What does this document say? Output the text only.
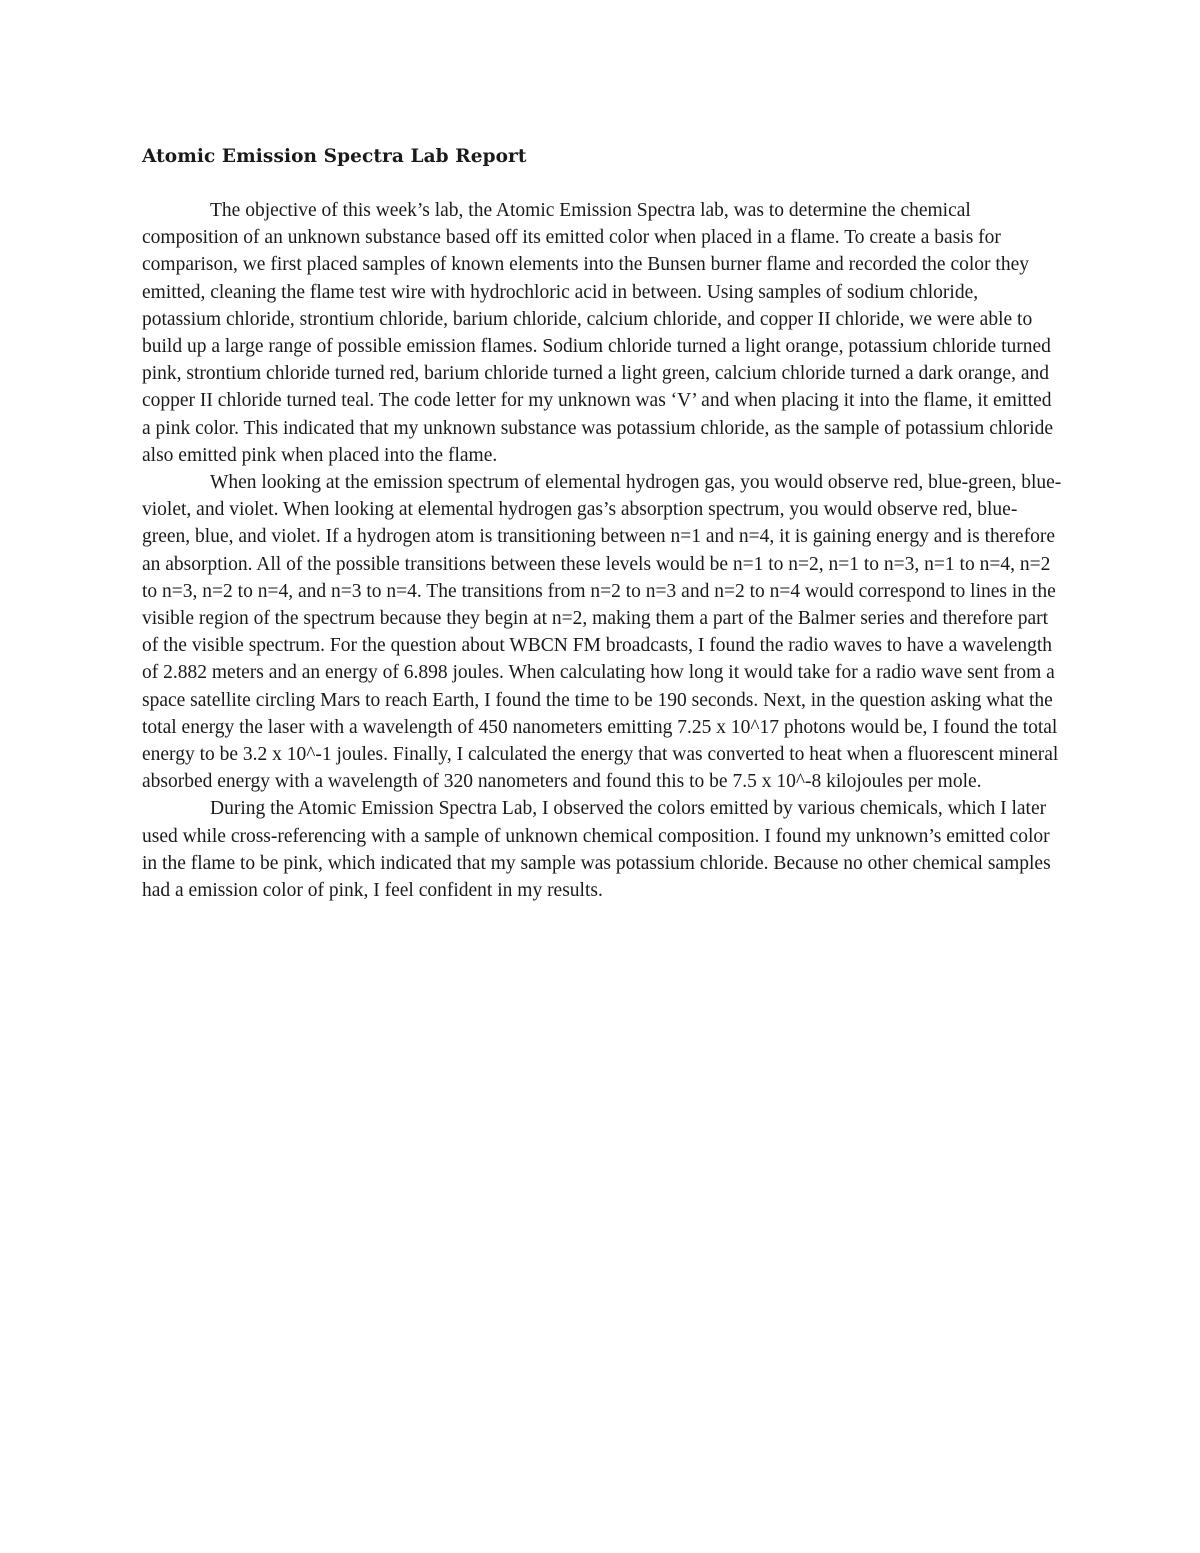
Atomic Emission Spectra Lab Report

The objective of this week’s lab, the Atomic Emission Spectra lab, was to determine the chemical composition of an unknown substance based off its emitted color when placed in a flame. To create a basis for comparison, we first placed samples of known elements into the Bunsen burner flame and recorded the color they emitted, cleaning the flame test wire with hydrochloric acid in between. Using samples of sodium chloride, potassium chloride, strontium chloride, barium chloride, calcium chloride, and copper II chloride, we were able to build up a large range of possible emission flames. Sodium chloride turned a light orange, potassium chloride turned pink, strontium chloride turned red, barium chloride turned a light green, calcium chloride turned a dark orange, and copper II chloride turned teal. The code letter for my unknown was ‘V’ and when placing it into the flame, it emitted a pink color. This indicated that my unknown substance was potassium chloride, as the sample of potassium chloride also emitted pink when placed into the flame.

When looking at the emission spectrum of elemental hydrogen gas, you would observe red, blue-green, blue-violet, and violet. When looking at elemental hydrogen gas’s absorption spectrum, you would observe red, blue-green, blue, and violet. If a hydrogen atom is transitioning between n=1 and n=4, it is gaining energy and is therefore an absorption. All of the possible transitions between these levels would be n=1 to n=2, n=1 to n=3, n=1 to n=4, n=2 to n=3, n=2 to n=4, and n=3 to n=4. The transitions from n=2 to n=3 and n=2 to n=4 would correspond to lines in the visible region of the spectrum because they begin at n=2, making them a part of the Balmer series and therefore part of the visible spectrum. For the question about WBCN FM broadcasts, I found the radio waves to have a wavelength of 2.882 meters and an energy of 6.898 joules. When calculating how long it would take for a radio wave sent from a space satellite circling Mars to reach Earth, I found the time to be 190 seconds. Next, in the question asking what the total energy the laser with a wavelength of 450 nanometers emitting 7.25 x 10^17 photons would be, I found the total energy to be 3.2 x 10^-1 joules. Finally, I calculated the energy that was converted to heat when a fluorescent mineral absorbed energy with a wavelength of 320 nanometers and found this to be 7.5 x 10^-8 kilojoules per mole.

During the Atomic Emission Spectra Lab, I observed the colors emitted by various chemicals, which I later used while cross-referencing with a sample of unknown chemical composition. I found my unknown’s emitted color in the flame to be pink, which indicated that my sample was potassium chloride. Because no other chemical samples had a emission color of pink, I feel confident in my results.
